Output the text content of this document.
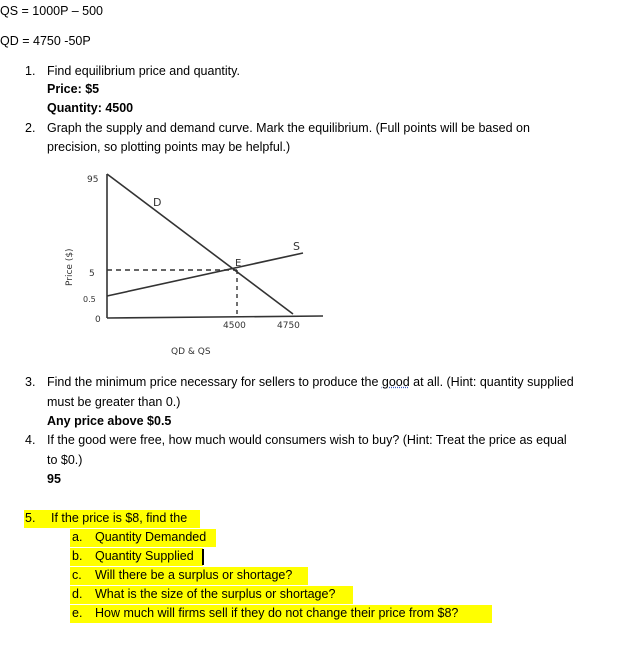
QS = 1000P – 500
QD = 4750 -50P
1. Find equilibrium price and quantity.
Price: $5
Quantity: 4500
2. Graph the supply and demand curve. Mark the equilibrium. (Full points will be based on
precision, so plotting points may be helpful.)
D
S
E
95
5
0.5
0
4500	4750
QD & QS
Price ($)
3. Find the minimum price necessary for sellers to produce the good at all. (Hint: quantity supplied
must be greater than 0.)
Any price above $0.5
4. If the good were free, how much would consumers wish to buy? (Hint: Treat the price as equal
to $0.)
95
5. If the price is $8, find the
a. Quantity Demanded
b. Quantity Supplied
c. Will there be a surplus or shortage?
d. What is the size of the surplus or shortage?
e. How much will firms sell if they do not change their price from $8?
